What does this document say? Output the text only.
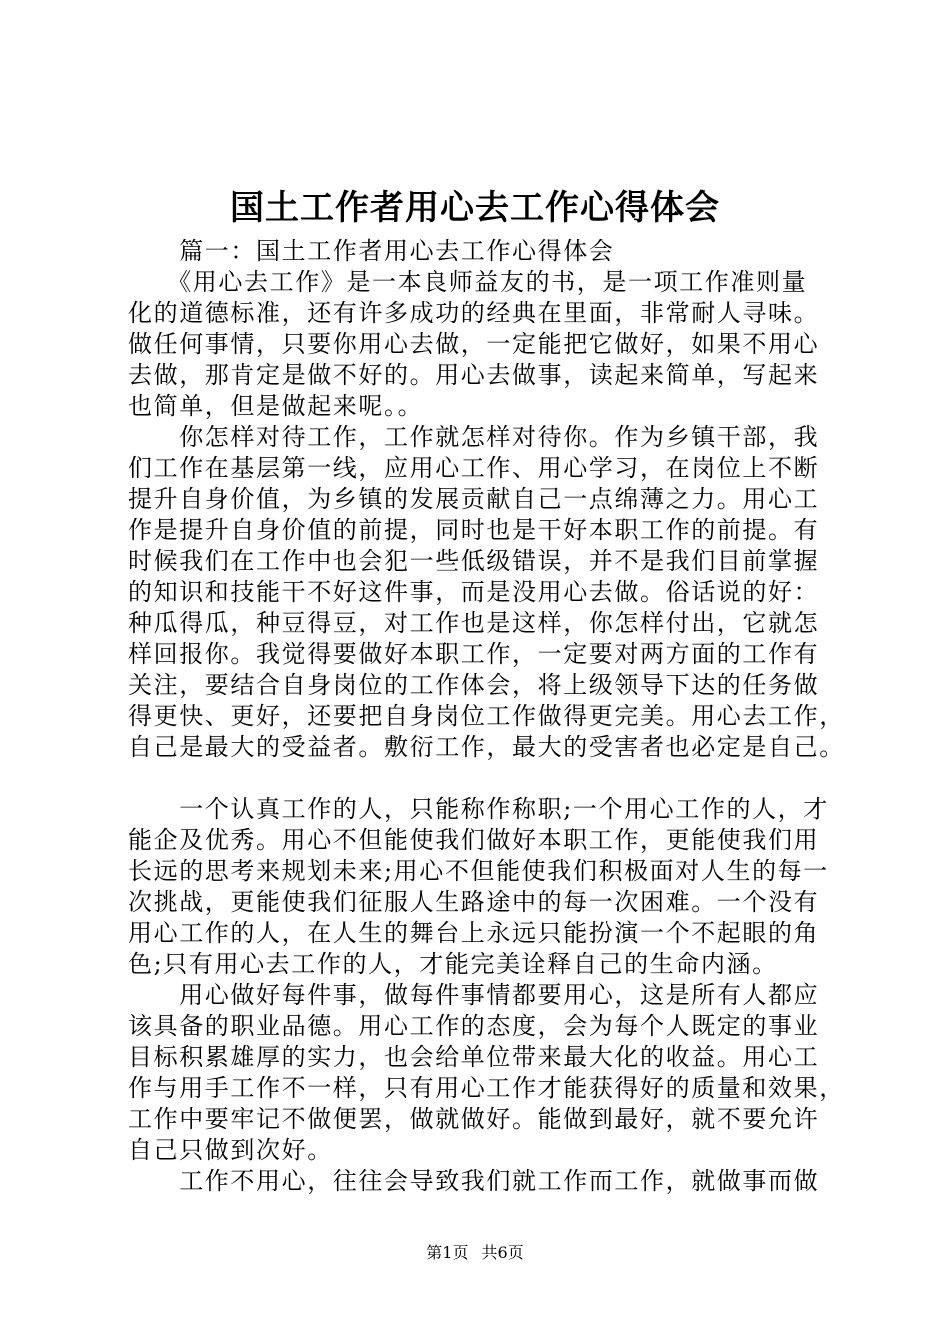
国土工作者用心去工作心得体会
　　篇一：国土工作者用心去工作心得体会
　　《用心去工作》是一本良师益友的书，是一项工作准则量
化的道德标准，还有许多成功的经典在里面，非常耐人寻味。
做任何事情，只要你用心去做，一定能把它做好，如果不用心
去做，那肯定是做不好的。用心去做事，读起来简单，写起来
也简单，但是做起来呢。。
　　你怎样对待工作，工作就怎样对待你。作为乡镇干部，我
们工作在基层第一线，应用心工作、用心学习，在岗位上不断
提升自身价值，为乡镇的发展贡献自己一点绵薄之力。用心工
作是提升自身价值的前提，同时也是干好本职工作的前提。有
时候我们在工作中也会犯一些低级错误，并不是我们目前掌握
的知识和技能干不好这件事，而是没用心去做。俗话说的好：
种瓜得瓜，种豆得豆，对工作也是这样，你怎样付出，它就怎
样回报你。我觉得要做好本职工作，一定要对两方面的工作有
关注，要结合自身岗位的工作体会，将上级领导下达的任务做
得更快、更好，还要把自身岗位工作做得更完美。用心去工作，
自己是最大的受益者。敷衍工作，最大的受害者也必定是自己。
　　一个认真工作的人，只能称作称职;一个用心工作的人，才
能企及优秀。用心不但能使我们做好本职工作，更能使我们用
长远的思考来规划未来;用心不但能使我们积极面对人生的每一
次挑战，更能使我们征服人生路途中的每一次困难。一个没有
用心工作的人，在人生的舞台上永远只能扮演一个不起眼的角
色;只有用心去工作的人，才能完美诠释自己的生命内涵。
　　用心做好每件事，做每件事情都要用心，这是所有人都应
该具备的职业品德。用心工作的态度，会为每个人既定的事业
目标积累雄厚的实力，也会给单位带来最大化的收益。用心工
作与用手工作不一样，只有用心工作才能获得好的质量和效果，
工作中要牢记不做便罢，做就做好。能做到最好，就不要允许
自己只做到次好。
　　工作不用心，往往会导致我们就工作而工作，就做事而做
第1页 共6页
